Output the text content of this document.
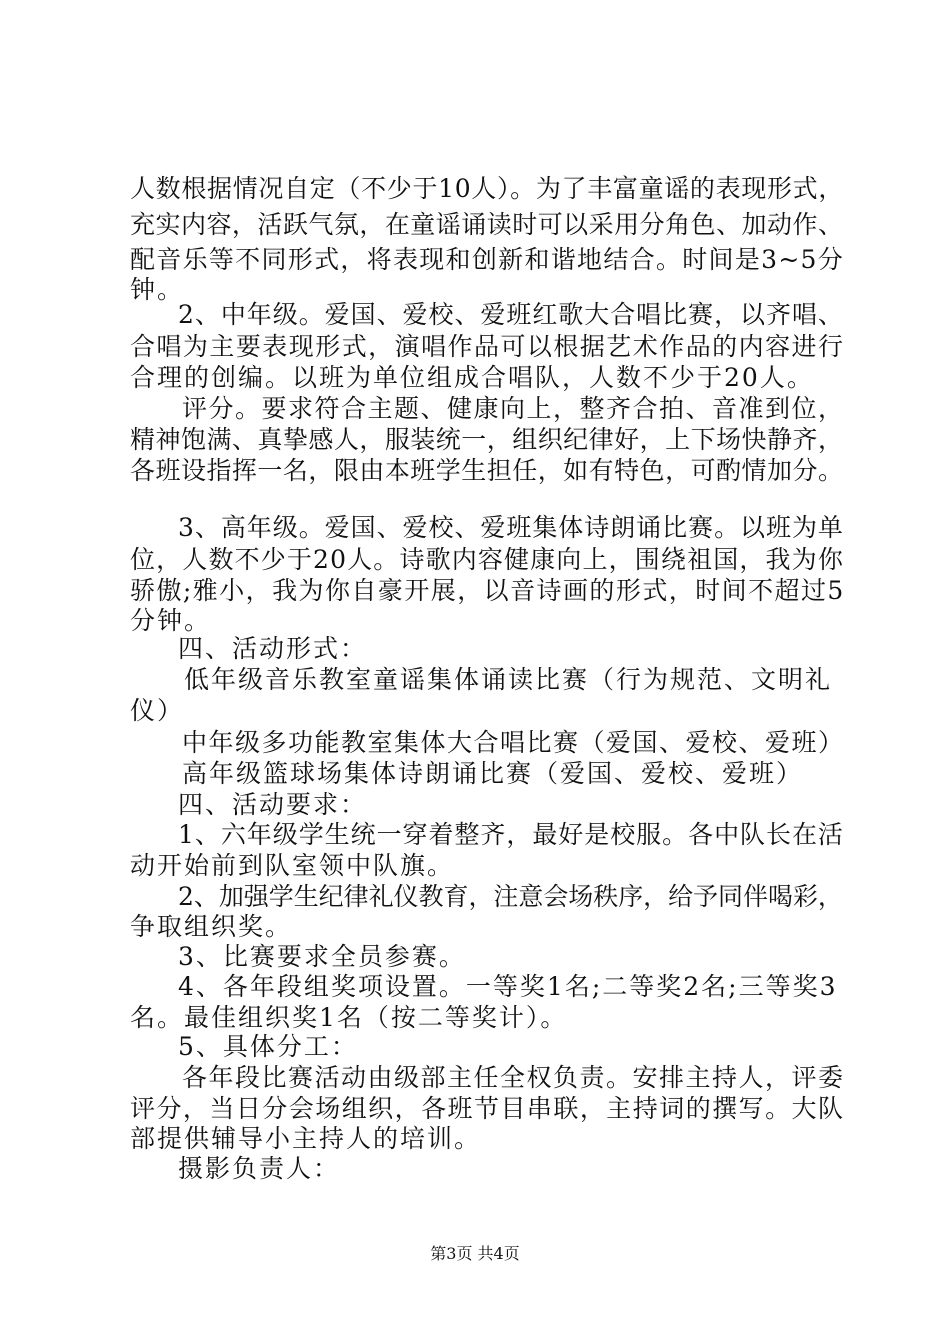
人数根据情况自定（不少于10人）。为了丰富童谣的表现形式，
充实内容，活跃气氛，在童谣诵读时可以采用分角色、加动作、
配音乐等不同形式，将表现和创新和谐地结合。时间是3~5分
钟。
2、中年级。爱国、爱校、爱班红歌大合唱比赛，以齐唱、
合唱为主要表现形式，演唱作品可以根据艺术作品的内容进行
合理的创编。以班为单位组成合唱队，人数不少于20人。
评分。要求符合主题、健康向上，整齐合拍、音准到位，
精神饱满、真挚感人，服装统一，组织纪律好，上下场快静齐，
各班设指挥一名，限由本班学生担任，如有特色，可酌情加分。
3、高年级。爱国、爱校、爱班集体诗朗诵比赛。以班为单
位，人数不少于20人。诗歌内容健康向上，围绕祖国，我为你
骄傲;雅小，我为你自豪开展，以音诗画的形式，时间不超过5
分钟。
四、活动形式：
低年级音乐教室童谣集体诵读比赛（行为规范、文明礼
仪）
中年级多功能教室集体大合唱比赛（爱国、爱校、爱班）
高年级篮球场集体诗朗诵比赛（爱国、爱校、爱班）
四、活动要求：
1、六年级学生统一穿着整齐，最好是校服。各中队长在活
动开始前到队室领中队旗。
2、加强学生纪律礼仪教育，注意会场秩序，给予同伴喝彩，
争取组织奖。
3、比赛要求全员参赛。
4、各年段组奖项设置。一等奖1名;二等奖2名;三等奖3
名。最佳组织奖1名（按二等奖计）。
5、具体分工：
各年段比赛活动由级部主任全权负责。安排主持人，评委
评分，当日分会场组织，各班节目串联，主持词的撰写。大队
部提供辅导小主持人的培训。
摄影负责人：
第3页 共4页
